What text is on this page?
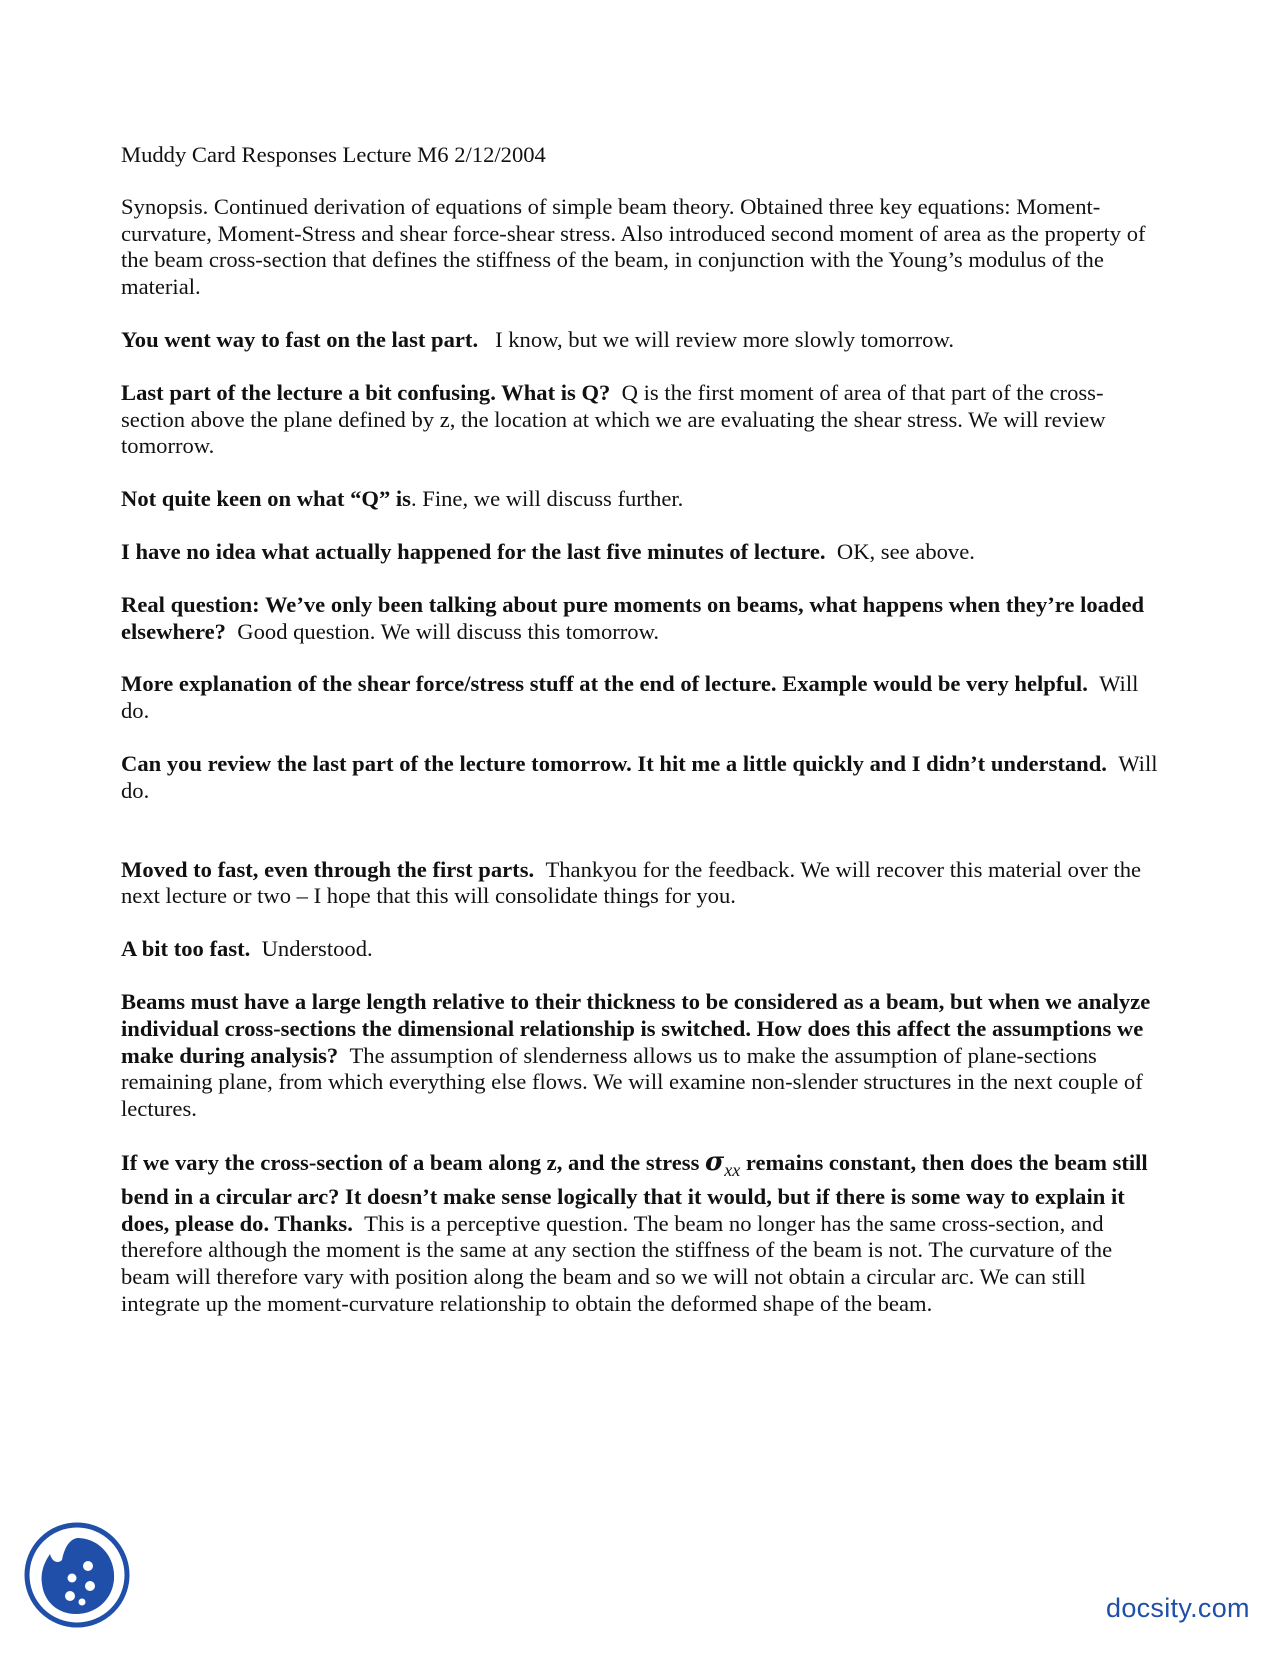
Muddy Card Responses Lecture M6 2/12/2004

Synopsis. Continued derivation of equations of simple beam theory. Obtained three key equations: Moment-curvature, Moment-Stress and shear force-shear stress. Also introduced second moment of area as the property of the beam cross-section that defines the stiffness of the beam, in conjunction with the Young’s modulus of the material.

You went way to fast on the last part. I know, but we will review more slowly tomorrow.

Last part of the lecture a bit confusing. What is Q? Q is the first moment of area of that part of the cross-section above the plane defined by z, the location at which we are evaluating the shear stress. We will review tomorrow.

Not quite keen on what “Q” is. Fine, we will discuss further.

I have no idea what actually happened for the last five minutes of lecture. OK, see above.

Real question: We’ve only been talking about pure moments on beams, what happens when they’re loaded elsewhere? Good question. We will discuss this tomorrow.

More explanation of the shear force/stress stuff at the end of lecture. Example would be very helpful. Will do.

Can you review the last part of the lecture tomorrow. It hit me a little quickly and I didn’t understand. Will do.

Moved to fast, even through the first parts. Thankyou for the feedback. We will recover this material over the next lecture or two – I hope that this will consolidate things for you.

A bit too fast. Understood.

Beams must have a large length relative to their thickness to be considered as a beam, but when we analyze individual cross-sections the dimensional relationship is switched. How does this affect the assumptions we make during analysis? The assumption of slenderness allows us to make the assumption of plane-sections remaining plane, from which everything else flows. We will examine non-slender structures in the next couple of lectures.

If we vary the cross-section of a beam along z, and the stress $\sigma_{xx}$ remains constant, then does the beam still bend in a circular arc? It doesn’t make sense logically that it would, but if there is some way to explain it does, please do. Thanks. This is a perceptive question. The beam no longer has the same cross-section, and therefore although the moment is the same at any section the stiffness of the beam is not. The curvature of the beam will therefore vary with position along the beam and so we will not obtain a circular arc. We can still integrate up the moment-curvature relationship to obtain the deformed shape of the beam.

docsity.com
